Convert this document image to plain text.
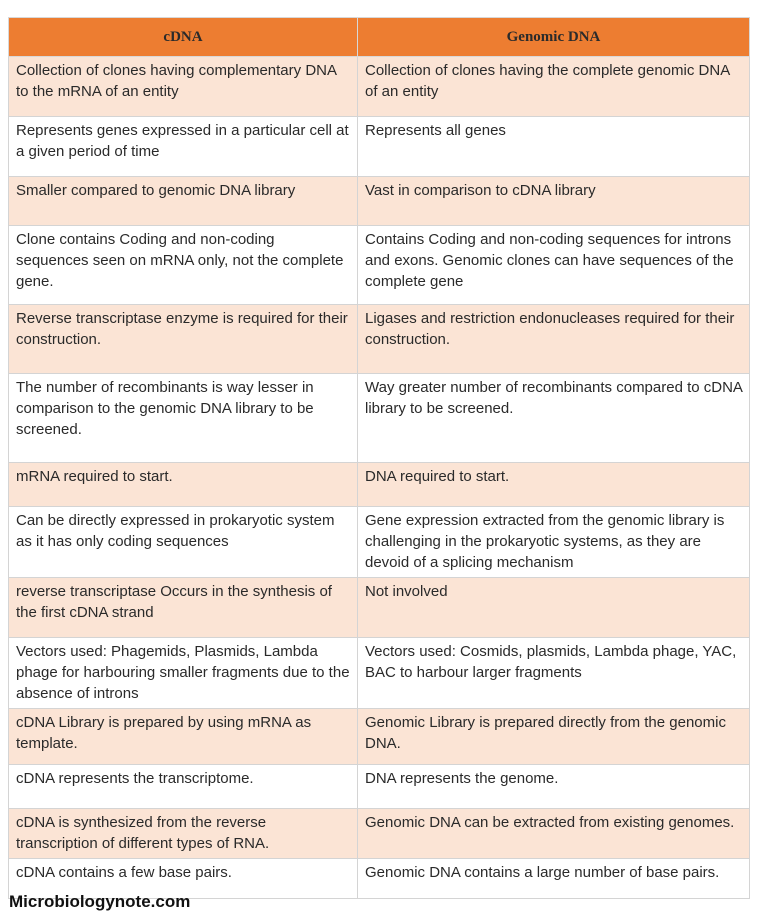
cDNA	Genomic DNA
Collection of clones having complementary DNA to the mRNA of an entity	Collection of clones having the complete genomic DNA of an entity
Represents genes expressed in a particular cell at a given period of time	Represents all genes
Smaller compared to genomic DNA library	Vast in comparison to cDNA library
Clone contains Coding and non-coding sequences seen on mRNA only, not the complete gene.	Contains Coding and non-coding sequences for introns and exons. Genomic clones can have sequences of the complete gene
Reverse transcriptase enzyme is required for their construction.	Ligases and restriction endonucleases required for their construction.
The number of recombinants is way lesser in comparison to the genomic DNA library to be screened.	Way greater number of recombinants compared to cDNA library to be screened.
mRNA required to start.	DNA required to start.
Can be directly expressed in prokaryotic system as it has only coding sequences	Gene expression extracted from the genomic library is challenging in the prokaryotic systems, as they are devoid of a splicing mechanism
reverse transcriptase Occurs in the synthesis of the first cDNA strand	Not involved
Vectors used: Phagemids, Plasmids, Lambda phage for harbouring smaller fragments due to the absence of introns	Vectors used: Cosmids, plasmids, Lambda phage, YAC, BAC to harbour larger fragments
cDNA Library is prepared by using mRNA as template.	Genomic Library is prepared directly from the genomic DNA.
cDNA represents the transcriptome.	DNA represents the genome.
cDNA is synthesized from the reverse transcription of different types of RNA.	Genomic DNA can be extracted from existing genomes.
cDNA contains a few base pairs.	Genomic DNA contains a large number of base pairs.
Microbiologynote.com
